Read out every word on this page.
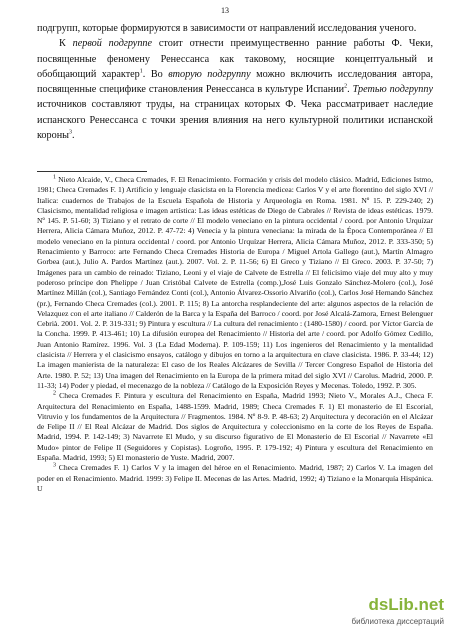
13

подгрупп, которые формируются в зависимости от направлений исследования ученого.

К первой подгруппе стоит отнести преимущественно ранние работы Ф. Чеки, посвященные феномену Ренессанса как таковому, носящие концептуальный и обобщающий характер$^1$. Во вторую подгруппу можно включить исследования автора, посвященные специфике становления Ренессанса в культуре Испании$^2$. Третью подгруппу источников составляют труды, на страницах которых Ф. Чека рассматривает наследие испанского Ренессанса с точки зрения влияния на него культурной политики испанской короны$^3$.

$^1$ Nieto Alcaide, V., Checa Cremades, F. El Renacimiento. Formación y crisis del modelo clásico. Madrid, Ediciones Istmo, 1981; Checa Cremades F. 1) Artificio y lenguaje clasicista en la Florencia medicea: Carlos V y el arte florentino del siglo XVI // Italica: cuadernos de Trabajos de la Escuela Española de Historia y Arqueología en Roma. 1981. Nº 15. P. 229-240; 2) Clasicismo, mentalidad religiosa e imagen artística: Las ideas estéticas de Diego de Cabrales // Revista de ideas estéticas. 1979. Nº 145. P. 51-60; 3) Tiziano y el retrato de corte // El modelo veneciano en la pintura occidental / coord. por Antonio Urquízar Herrera, Alicia Cámara Muñoz, 2012. P. 47-72: 4) Venecia y la pintura veneciana: la mirada de la Época Contemporánea // El modelo veneciano en la pintura occidental / coord. por Antonio Urquízar Herrera, Alicia Cámara Muñoz, 2012. P. 333-350; 5) Renacimiento y Barroco: arte Fernando Checa Cremades Historia de Europa / Miguel Artola Gallego (aut.), Martín Almagro Gorbea (aut.), Julio A. Pardos Martínez (aut.). 2007. Vol. 2. P. 11-56; 6) El Greco y Tiziano // El Greco. 2003. P. 37-50; 7) Imágenes para un cambio de reinado: Tiziano, Leoni y el viaje de Calvete de Estrella // El felicísimo viaje del muy alto y muy poderoso príncipe don Phelippe / Juan Cristóbal Calvete de Estrella (comp.),José Luis Gonzalo Sánchez-Molero (col.), José Martínez Millán (col.), Santiago Fernández Conti (col.), Antonio Álvarez-Ossorio Alvariño (col.), Carlos José Hernando Sánchez (pr.), Fernando Checa Cremades (col.). 2001. P. 115; 8) La antorcha resplandeciente del arte: algunos aspectos de la relación de Velazquez con el arte italiano // Calderón de la Barca y la España del Barroco / coord. por José Alcalá-Zamora, Ernest Belenguer Cebrià. 2001. Vol. 2. P. 319-331; 9) Pintura y escultura // La cultura del renacimiento : (1480-1580) / coord. por Víctor García de la Concha. 1999. P. 413-461; 10) La difusión europea del Renacimiento // Historia del arte / coord. por Adolfo Gómez Cedillo, Juan Antonio Ramírez. 1996. Vol. 3 (La Edad Moderna). P. 109-159; 11) Los ingenieros del Renacimiento y la mentalidad clasicista // Herrera y el clasicismo ensayos, catálogo y dibujos en torno a la arquitectura en clave clasicista. 1986. P. 33-44; 12) La imagen manierista de la naturaleza: El caso de los Reales Alcázares de Sevilla // Tercer Congreso Español de Historia del Arte. 1980. P. 52; 13) Una imagen del Renacimiento en la Europa de la primera mitad del siglo XVI // Carolus. Madrid, 2000. P. 11-33; 14) Poder y piedad, el mecenazgo de la nobleza // Catálogo de la Exposición Reyes y Mecenas. Toledo, 1992. P. 305.

$^2$ Checa Cremades F. Pintura y escultura del Renacimiento en España, Madrid 1993; Nieto V., Morales A.J., Checa F. Arquitectura del Renacimiento en España, 1488-1599. Madrid, 1989; Checa Cremades F. 1) El monasterio de El Escorial, Vitruvio y los fundamentos de la Arquitectura // Fragmentos. 1984. Nº 8-9. P. 48-63; 2) Arquitectura y decoración en el Alcázar de Felipe II // El Real Alcázar de Madrid. Dos siglos de Arquitectura y coleccionismo en la corte de los Reyes de España. Madrid, 1994. P. 142-149; 3) Navarrete El Mudo, y su discurso figurativo de El Monasterio de El Escorial // Navarrete «El Mudo» pintor de Felipe II (Seguidores y Copistas). Logroño, 1995. P. 179-192; 4) Pintura y escultura del Renacimiento en España. Madrid, 1993; 5) El monasterio de Yuste. Madrid, 2007.

$^3$ Checa Cremades F. 1) Carlos V y la imagen del héroe en el Renacimiento. Madrid, 1987; 2) Carlos V. La imagen del poder en el Renacimiento. Madrid. 1999: 3) Felipe II. Mecenas de las Artes. Madrid, 1992; 4) Tiziano e la Monarquía Hispánica. U

dsLib.net
библиотека диссертаций
